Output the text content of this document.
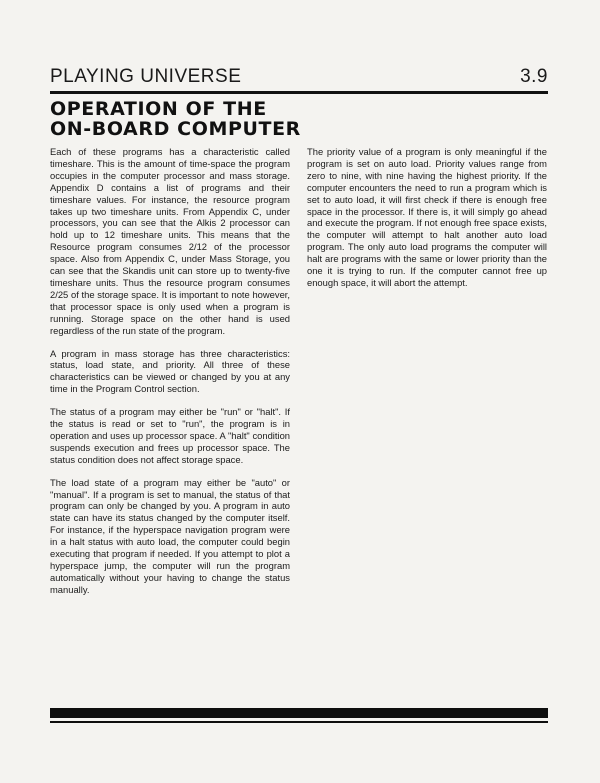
PLAYING UNIVERSE	3.9
OPERATION OF THE
ON-BOARD COMPUTER

Each of these programs has a characteristic called timeshare. This is the amount of time-space the program occupies in the computer processor and mass storage. Appendix D contains a list of programs and their timeshare values. For instance, the resource program takes up two timeshare units. From Appendix C, under processors, you can see that the Alkis 2 processor can hold up to 12 timeshare units. This means that the Resource program consumes 2/12 of the processor space. Also from Appendix C, under Mass Storage, you can see that the Skandis unit can store up to twenty-five timeshare units. Thus the resource program consumes 2/25 of the storage space. It is important to note however, that processor space is only used when a program is running. Storage space on the other hand is used regardless of the run state of the program.

A program in mass storage has three characteristics: status, load state, and priority. All three of these characteristics can be viewed or changed by you at any time in the Program Control section.

The status of a program may either be "run" or "halt". If the status is read or set to "run", the program is in operation and uses up processor space. A "halt" condition suspends execution and frees up processor space. The status condition does not affect storage space.

The load state of a program may either be "auto" or "manual". If a program is set to manual, the status of that program can only be changed by you. A program in auto state can have its status changed by the computer itself. For instance, if the hyperspace navigation program were in a halt status with auto load, the computer could begin executing that program if needed. If you attempt to plot a hyperspace jump, the computer will run the program automatically without your having to change the status manually.

The priority value of a program is only meaningful if the program is set on auto load. Priority values range from zero to nine, with nine having the highest priority. If the computer encounters the need to run a program which is set to auto load, it will first check if there is enough free space in the processor. If there is, it will simply go ahead and execute the program. If not enough free space exists, the computer will attempt to halt another auto load program. The only auto load programs the computer will halt are programs with the same or lower priority than the one it is trying to run. If the computer cannot free up enough space, it will abort the attempt.
